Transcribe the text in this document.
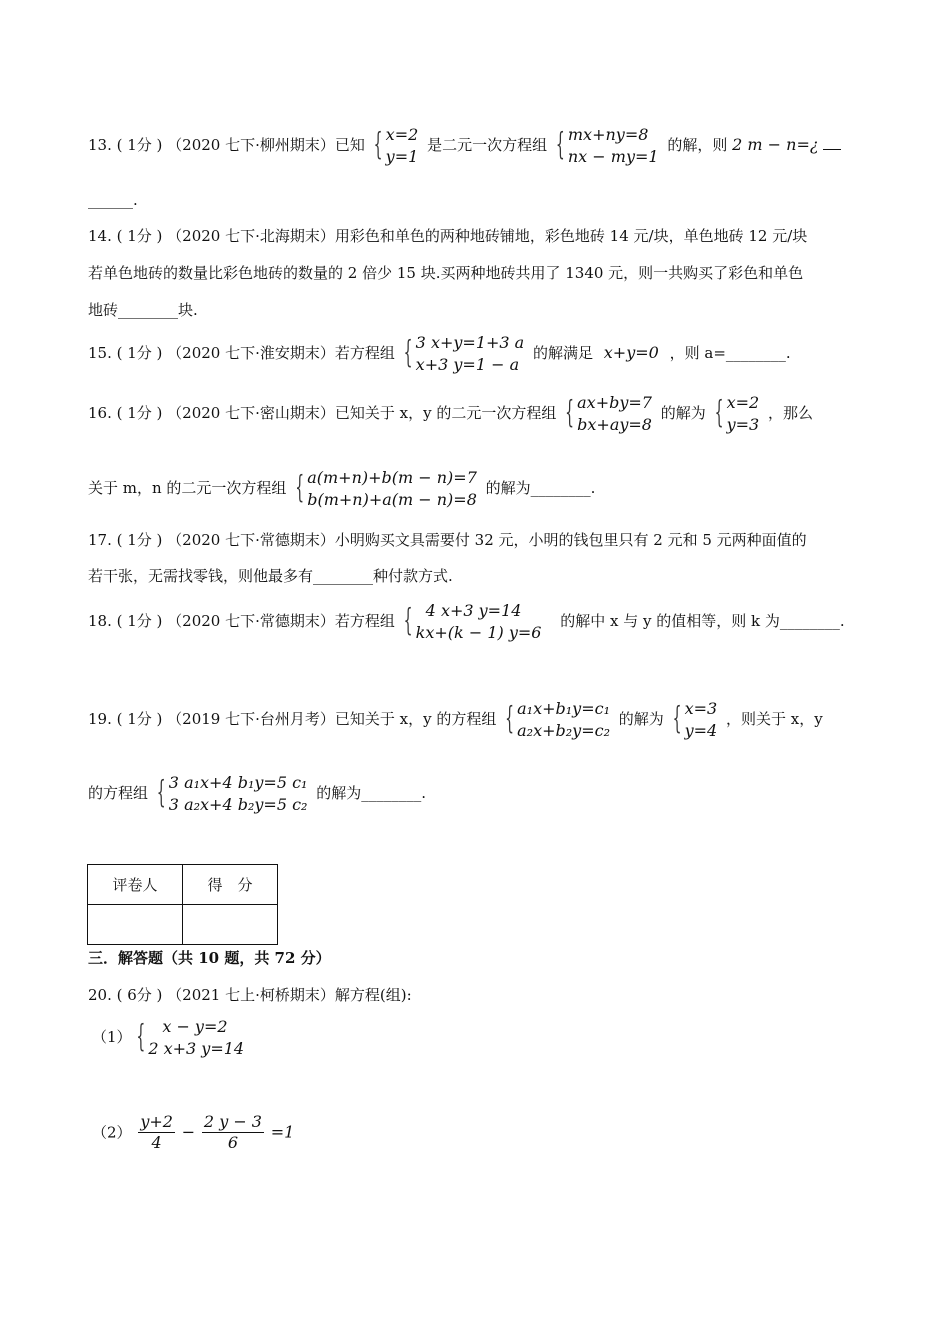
13. ( 1分 ) （2020 七下·柳州期末）已知
{ x=2
y=1
是二元一次方程组
{ mx+ny=8
nx − my=1
的解，则 2 m − n=¿
______.
14. ( 1分 ) （2020 七下·北海期末）用彩色和单色的两种地砖铺地，彩色地砖 14 元/块，单色地砖 12 元/块
若单色地砖的数量比彩色地砖的数量的 2 倍少 15 块.买两种地砖共用了 1340 元，则一共购买了彩色和单色
地砖________块.
15. ( 1分 ) （2020 七下·淮安期末）若方程组
{ 3 x+y=1+3 a
x+3 y=1 − a
的解满足 x+y=0 ，则 a=________.
16. ( 1分 ) （2020 七下·密山期末）已知关于 x，y 的二元一次方程组
{ ax+by=7
bx+ay=8
的解为
{ x=2
y=3
，那么
关于 m，n 的二元一次方程组
{ a(m+n)+b(m − n)=7
b(m+n)+a(m − n)=8
的解为________.
17. ( 1分 ) （2020 七下·常德期末）小明购买文具需要付 32 元，小明的钱包里只有 2 元和 5 元两种面值的
若干张，无需找零钱，则他最多有________种付款方式.
18. ( 1分 ) （2020 七下·常德期末）若方程组
{ 4 x+3 y=14
kx+(k − 1) y=6
的解中 x 与 y 的值相等，则 k 为________.
19. ( 1分 ) （2019 七下·台州月考）已知关于 x，y 的方程组
{ a₁x+b₁y=c₁
a₂x+b₂y=c₂
的解为
{ x=3
y=4
，则关于 x，y
的方程组
{ 3 a₁x+4 b₁y=5 c₁
3 a₂x+4 b₂y=5 c₂
的解为________.
评卷人	得　分

三．解答题（共 10 题，共 72 分）
20. ( 6分 ) （2021 七上·柯桥期末）解方程(组):
（1）
{ x − y=2
2 x+3 y=14
$(2) \frac{y+2}{4} - \frac{2 y - 3}{6} =1$
